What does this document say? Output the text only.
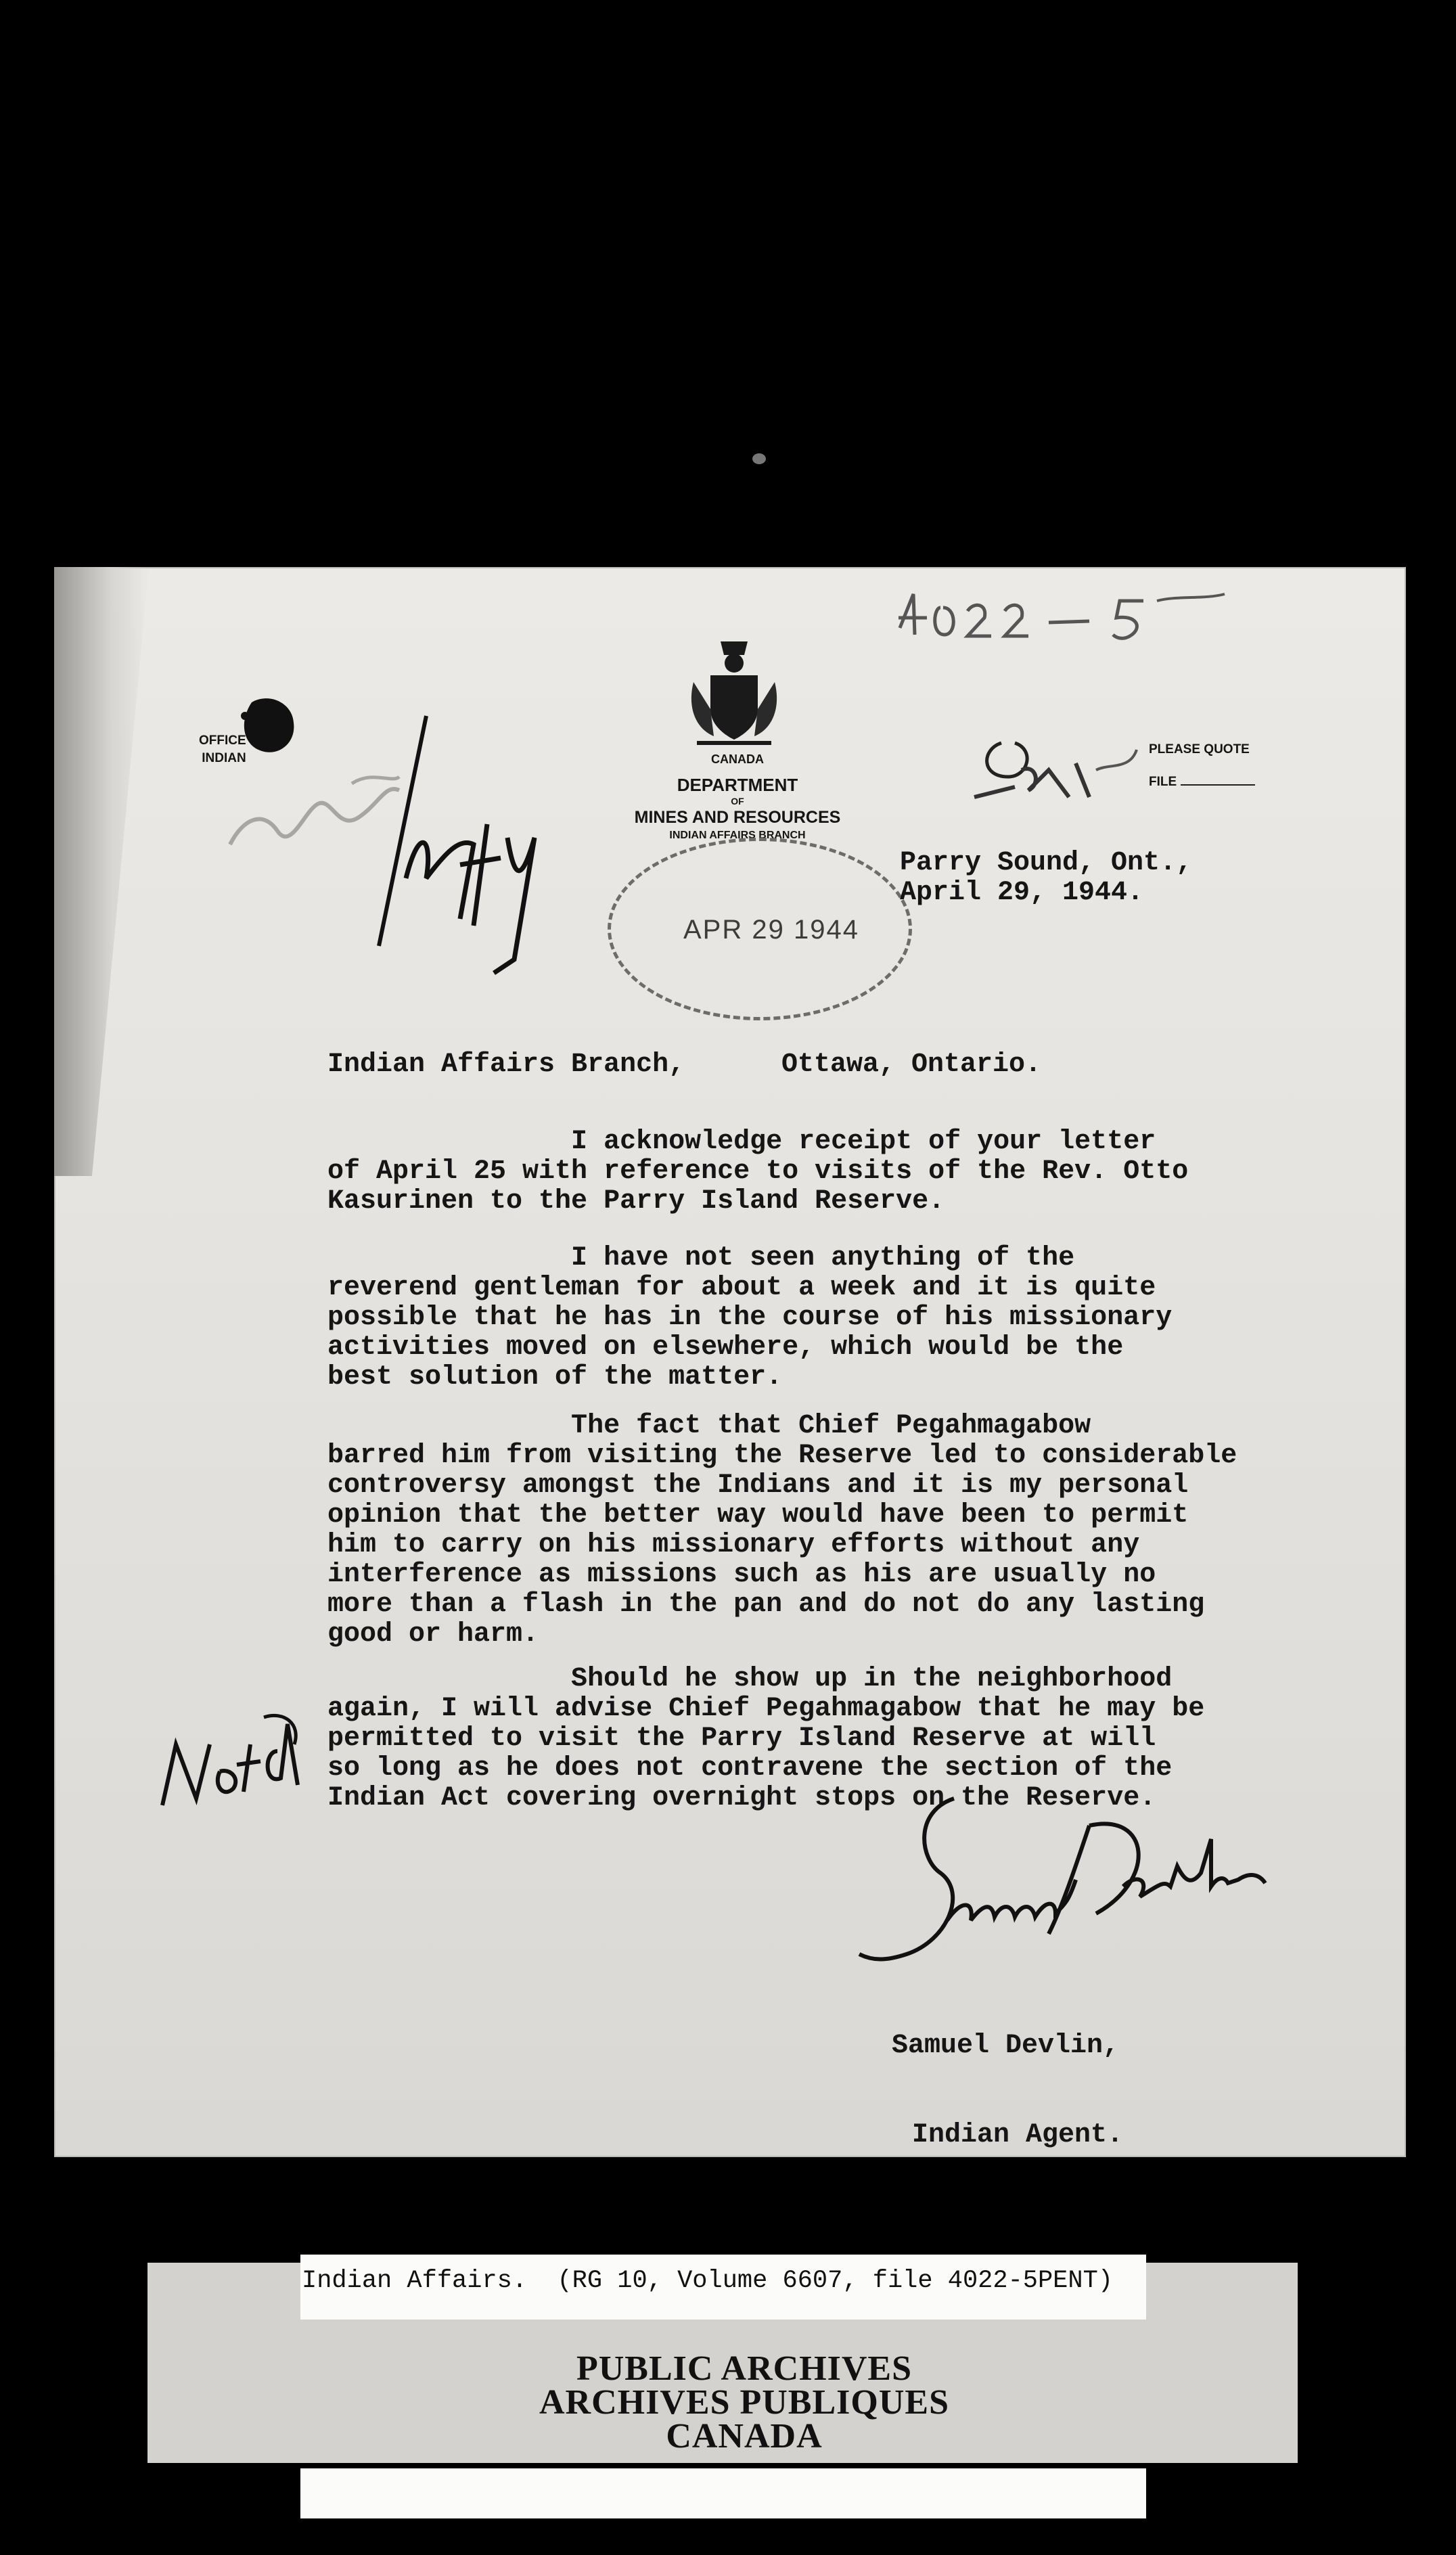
OFFICE
INDIAN	CANADA
DEPARTMENT
OF
MINES AND RESOURCES
INDIAN AFFAIRS BRANCH
PLEASE QUOTE
FILE
APR 29 1944
Parry Sound, Ont.,
April 29, 1944.
Indian Affairs Branch,	Ottawa, Ontario.
I acknowledge receipt of your letter
of April 25 with reference to visits of the Rev. Otto
Kasurinen to the Parry Island Reserve.
I have not seen anything of the
reverend gentleman for about a week and it is quite
possible that he has in the course of his missionary
activities moved on elsewhere, which would be the
best solution of the matter.
The fact that Chief Pegahmagabow
barred him from visiting the Reserve led to considerable
controversy amongst the Indians and it is my personal
opinion that the better way would have been to permit
him to carry on his missionary efforts without any
interference as missions such as his are usually no
more than a flash in the pan and do not do any lasting
good or harm.
Should he show up in the neighborhood
again, I will advise Chief Pegahmagabow that he may be
permitted to visit the Parry Island Reserve at will
so long as he does not contravene the section of the
Indian Act covering overnight stops on the Reserve.

Samuel Devlin,

Indian Agent.

Indian Affairs.  (RG 10, Volume 6607, file 4022-5PENT)
PUBLIC ARCHIVES
ARCHIVES PUBLIQUES
CANADA
